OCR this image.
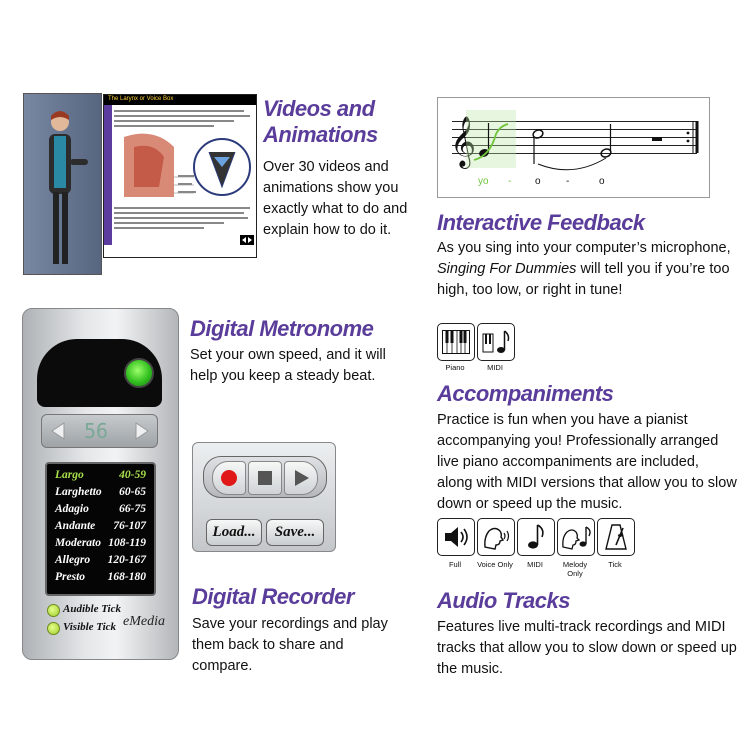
The Larynx or Voice Box	Videos and
Animations
Over 30 videos and animations show you exactly what to do and explain how to do it.
𝄞
yo - o	-	o
Interactive Feedback
As you sing into your computer’s microphone, Singing For Dummies will tell you if you’re too high, too low, or right in tune!
56
Largo	40-59
Larghetto 60-65
Adagio	66-75
Andante 76-107
Moderato 108-119
Allegro 120-167
Presto 168-180
Audible Tick
Visible Tick eMedia
Digital Metronome
Set your own speed, and it will help you keep a steady beat.
Piano	MIDI
Accompaniments
Practice is fun when you have a pianist accompanying you! Professionally arranged live piano accompaniments are included, along with MIDI versions that allow you to slow down or speed up the music.
Load...	Save...
Digital Recorder
Save your recordings and play them back to share and compare.
Full	Voice Only	MIDI	Melody Only
Tick
Audio Tracks
Features live multi-track recordings and MIDI tracks that allow you to slow down or speed up the music.
